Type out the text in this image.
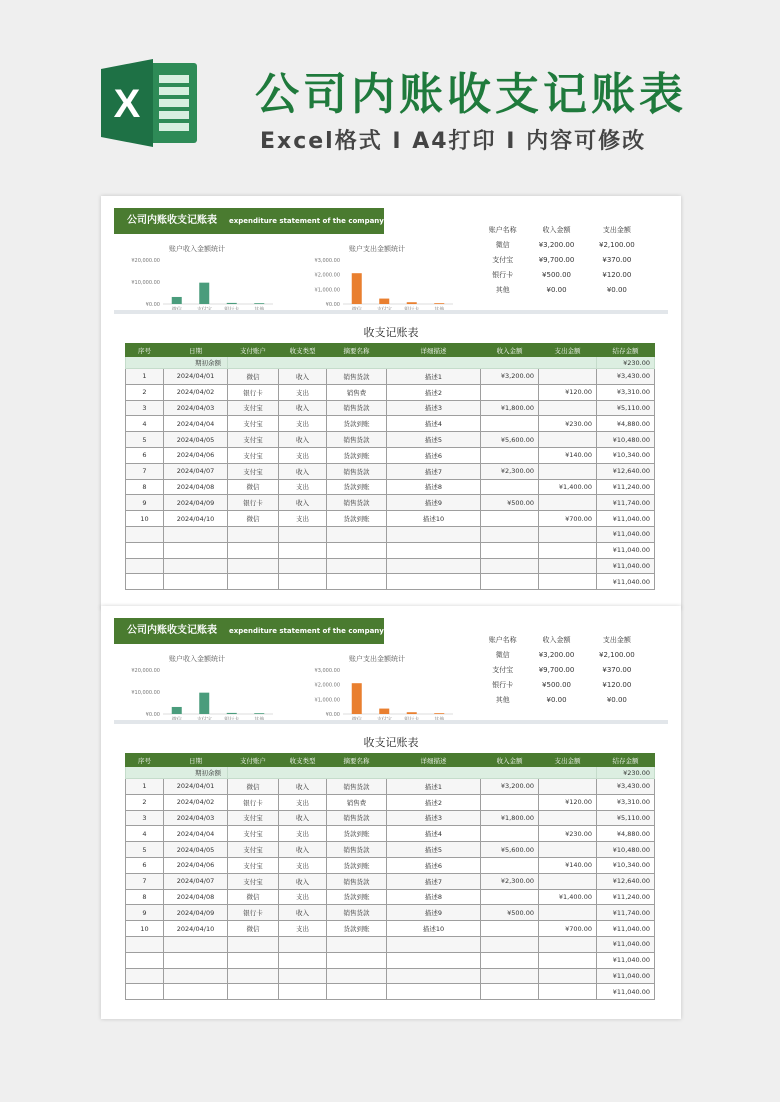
X	公司内账收支记账表
Excel格式 I A4打印 I 内容可修改
公司内账收支记账表 expenditure statement of the company
账户收入金额统计
¥20,000.00
¥10,000.00
¥0.00
账户支出金额统计
¥3,000.00
¥2,000.00
¥1,000.00
¥0.00
账户名称	收入金额	支出金额
微信	¥3,200.00	¥2,100.00
支付宝	¥9,700.00	¥370.00
银行卡	¥500.00	¥120.00
其他	¥0.00	¥0.00
收支记账表
序号	日期	支付账户	收支类型	摘要名称	详细描述	收入金额	支出金额	结存金额
期初余额								¥230.00
1	2024/04/01	微信	收入	销售货款	描述1	¥3,200.00		¥3,430.00
2	2024/04/02	银行卡	支出	销售费	描述2		¥120.00	¥3,310.00
3	2024/04/03	支付宝	收入	销售货款	描述3	¥1,800.00		¥5,110.00
4	2024/04/04	支付宝	支出	货款到账	描述4		¥230.00	¥4,880.00
5	2024/04/05	支付宝	收入	销售货款	描述5	¥5,600.00		¥10,480.00
6	2024/04/06	支付宝	支出	货款到账	描述6		¥140.00	¥10,340.00
7	2024/04/07	支付宝	收入	销售货款	描述7	¥2,300.00		¥12,640.00
8	2024/04/08	微信	支出	货款到账	描述8		¥1,400.00	¥11,240.00
9	2024/04/09	银行卡	收入	销售货款	描述9	¥500.00		¥11,740.00
10	2024/04/10	微信	支出	货款到账	描述10		¥700.00	¥11,040.00
								¥11,040.00
								¥11,040.00
								¥11,040.00
								¥11,040.00
公司内账收支记账表 expenditure statement of the company
账户收入金额统计
¥20,000.00
¥10,000.00
¥0.00
账户支出金额统计
¥3,000.00
¥2,000.00
¥1,000.00
¥0.00
账户名称	收入金额	支出金额
微信	¥3,200.00	¥2,100.00
支付宝	¥9,700.00	¥370.00
银行卡	¥500.00	¥120.00
其他	¥0.00	¥0.00
收支记账表
序号	日期	支付账户	收支类型	摘要名称	详细描述	收入金额	支出金额	结存金额
期初余额								¥230.00
1	2024/04/01	微信	收入	销售货款	描述1	¥3,200.00		¥3,430.00
2	2024/04/02	银行卡	支出	销售费	描述2		¥120.00	¥3,310.00
3	2024/04/03	支付宝	收入	销售货款	描述3	¥1,800.00		¥5,110.00
4	2024/04/04	支付宝	支出	货款到账	描述4		¥230.00	¥4,880.00
5	2024/04/05	支付宝	收入	销售货款	描述5	¥5,600.00		¥10,480.00
6	2024/04/06	支付宝	支出	货款到账	描述6		¥140.00	¥10,340.00
7	2024/04/07	支付宝	收入	销售货款	描述7	¥2,300.00		¥12,640.00
8	2024/04/08	微信	支出	货款到账	描述8		¥1,400.00	¥11,240.00
9	2024/04/09	银行卡	收入	销售货款	描述9	¥500.00		¥11,740.00
10	2024/04/10	微信	支出	货款到账	描述10		¥700.00	¥11,040.00
								¥11,040.00
								¥11,040.00
								¥11,040.00
								¥11,040.00
